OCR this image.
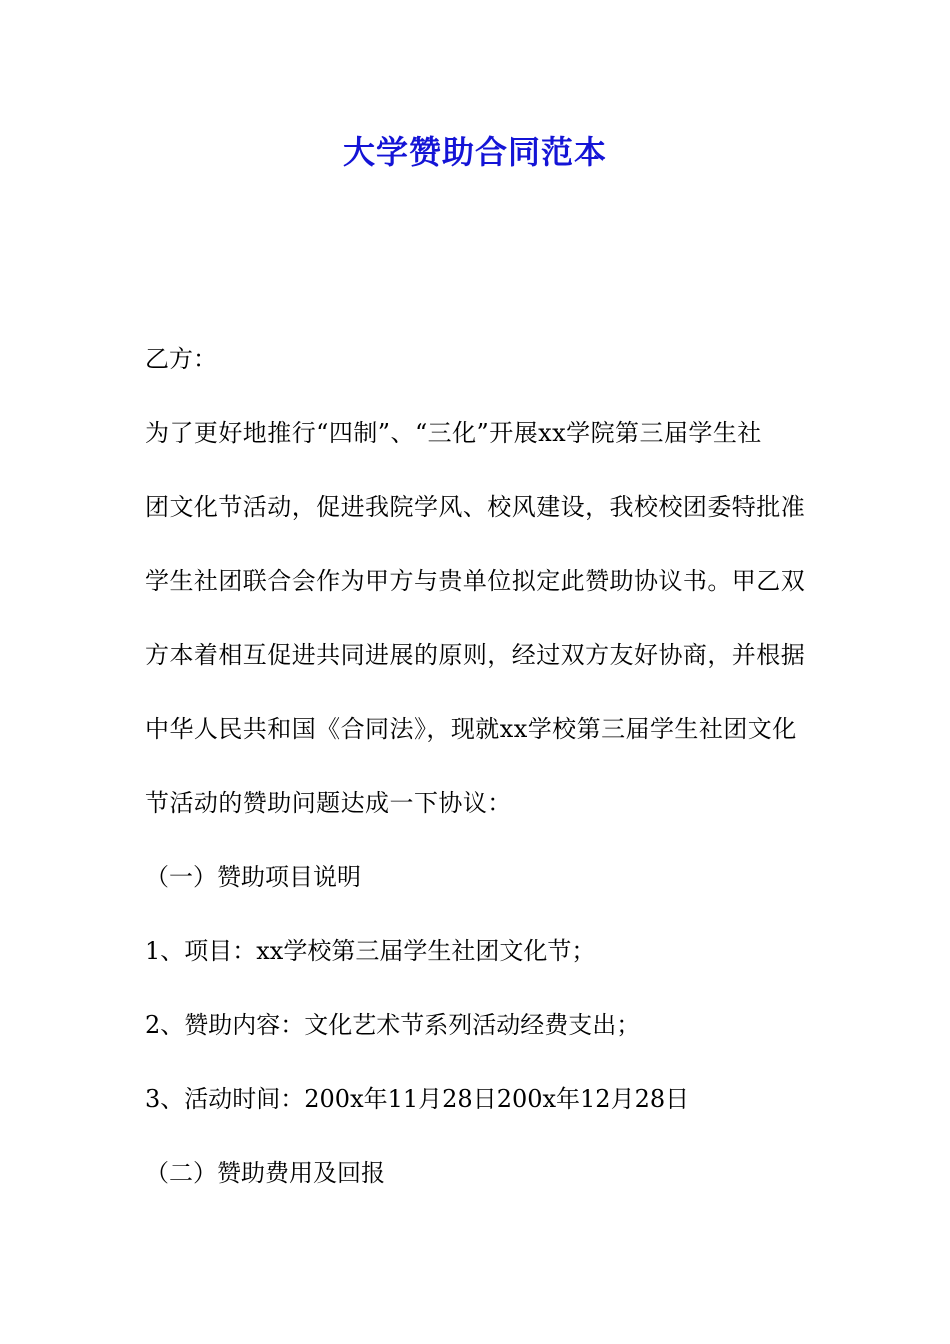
大学赞助合同范本
乙方：
为了更好地推行“四制”、“三化”开展xx学院第三届学生社
团文化节活动，促进我院学风、校风建设，我校校团委特批准
学生社团联合会作为甲方与贵单位拟定此赞助协议书。甲乙双
方本着相互促进共同进展的原则，经过双方友好协商，并根据
中华人民共和国《合同法》，现就xx学校第三届学生社团文化
节活动的赞助问题达成一下协议：
（一）赞助项目说明
1、项目：xx学校第三届学生社团文化节；
2、赞助内容：文化艺术节系列活动经费支出；
3、活动时间：200x年11月28日200x年12月28日
（二）赞助费用及回报
